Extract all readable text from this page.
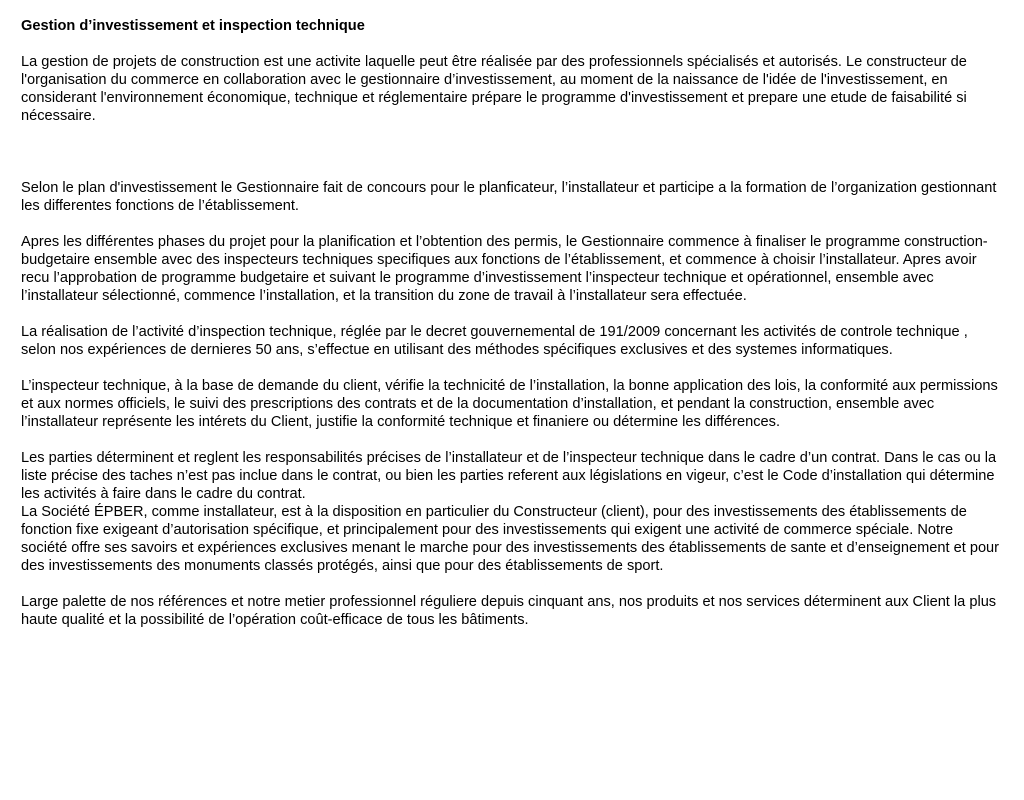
Gestion d’investissement et inspection technique

La gestion de projets de construction est une activite laquelle peut être réalisée par des professionnels spécialisés et autorisés. Le constructeur de l'organisation du commerce en collaboration avec le gestionnaire d’investissement, au moment de la naissance de l'idée de l'investissement, en considerant l'environnement économique, technique et réglementaire prépare le programme d'investissement et prepare une etude de faisabilité si nécessaire.

Selon le plan d'investissement le Gestionnaire fait de concours pour le planficateur, l’installateur et participe a la formation de l’organization gestionnant les differentes fonctions de l’établissement.

Apres les différentes phases du projet pour la planification et l’obtention des permis, le Gestionnaire commence à finaliser le programme construction-budgetaire ensemble avec des inspecteurs techniques specifiques aux fonctions de l’établissement, et commence à choisir l’installateur. Apres avoir recu l’approbation de programme budgetaire et suivant le programme d’investissement l’inspecteur technique et opérationnel, ensemble avec l’installateur sélectionné, commence l’installation, et la transition du zone de travail à l’installateur sera effectuée.

La réalisation de l’activité d’inspection technique, réglée par le decret gouvernemental de 191/2009 concernant les activités de controle technique , selon nos expériences de dernieres 50 ans, s’effectue en utilisant des méthodes spécifiques exclusives et des systemes informatiques.

L’inspecteur technique, à la base de demande du client, vérifie la technicité de l’installation, la bonne application des lois, la conformité aux permissions et aux normes officiels, le suivi des prescriptions des contrats et de la documentation d’installation, et pendant la construction, ensemble avec l’installateur représente les intérets du Client, justifie la conformité technique et finaniere ou détermine les différences.

Les parties déterminent et reglent les responsabilités précises de l’installateur et de l’inspecteur technique dans le cadre d’un contrat. Dans le cas ou la liste précise des taches n’est pas inclue dans le contrat, ou bien les parties referent aux législations en vigeur, c’est le Code d’installation qui détermine les activités à faire dans le cadre du contrat.

La Société ÉPBER, comme installateur, est à la disposition en particulier du Constructeur (client), pour des investissements des établissements de fonction fixe exigeant d’autorisation spécifique, et principalement pour des investissements qui exigent une activité de commerce spéciale. Notre société offre ses savoirs et expériences exclusives menant le marche pour des investissements des établissements de sante et d’enseignement et pour des investissements des monuments classés protégés, ainsi que pour des établissements de sport.

Large palette de nos références et notre metier professionnel réguliere depuis cinquant ans, nos produits et nos services déterminent aux Client la plus haute qualité et la possibilité de l’opération coût-efficace de tous les bâtiments.
